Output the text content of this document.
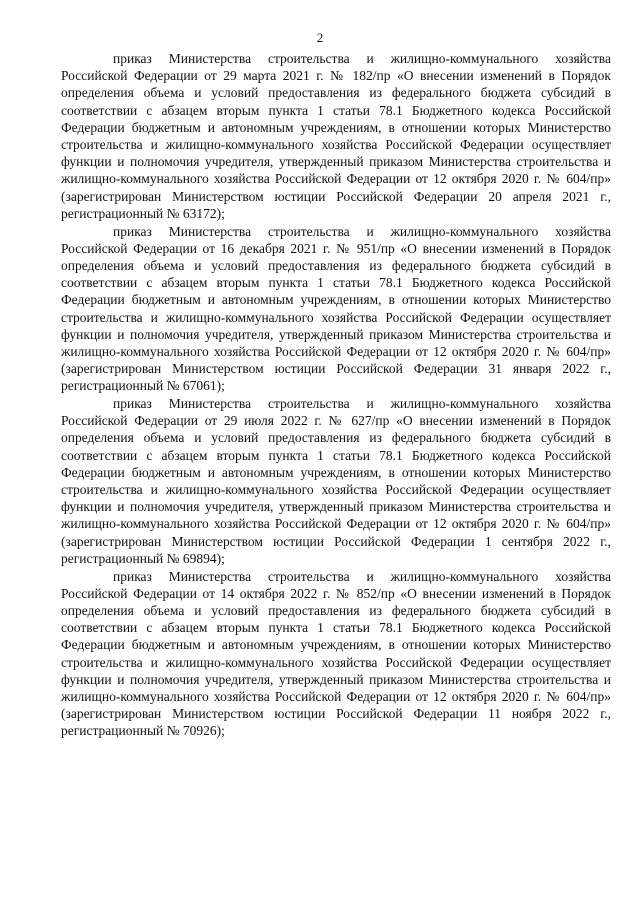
2

приказ Министерства строительства и жилищно-коммунального хозяйства Российской Федерации от 29 марта 2021 г. № 182/пр «О внесении изменений в Порядок определения объема и условий предоставления из федерального бюджета субсидий в соответствии с абзацем вторым пункта 1 статьи 78.1 Бюджетного кодекса Российской Федерации бюджетным и автономным учреждениям, в отношении которых Министерство строительства и жилищно-коммунального хозяйства Российской Федерации осуществляет функции и полномочия учредителя, утвержденный приказом Министерства строительства и жилищно-коммунального хозяйства Российской Федерации от 12 октября 2020 г. № 604/пр» (зарегистрирован Министерством юстиции Российской Федерации 20 апреля 2021 г., регистрационный № 63172);

приказ Министерства строительства и жилищно-коммунального хозяйства Российской Федерации от 16 декабря 2021 г. № 951/пр «О внесении изменений в Порядок определения объема и условий предоставления из федерального бюджета субсидий в соответствии с абзацем вторым пункта 1 статьи 78.1 Бюджетного кодекса Российской Федерации бюджетным и автономным учреждениям, в отношении которых Министерство строительства и жилищно-коммунального хозяйства Российской Федерации осуществляет функции и полномочия учредителя, утвержденный приказом Министерства строительства и жилищно-коммунального хозяйства Российской Федерации от 12 октября 2020 г. № 604/пр» (зарегистрирован Министерством юстиции Российской Федерации 31 января 2022 г., регистрационный № 67061);

приказ Министерства строительства и жилищно-коммунального хозяйства Российской Федерации от 29 июля 2022 г. № 627/пр «О внесении изменений в Порядок определения объема и условий предоставления из федерального бюджета субсидий в соответствии с абзацем вторым пункта 1 статьи 78.1 Бюджетного кодекса Российской Федерации бюджетным и автономным учреждениям, в отношении которых Министерство строительства и жилищно-коммунального хозяйства Российской Федерации осуществляет функции и полномочия учредителя, утвержденный приказом Министерства строительства и жилищно-коммунального хозяйства Российской Федерации от 12 октября 2020 г. № 604/пр» (зарегистрирован Министерством юстиции Российской Федерации 1 сентября 2022 г., регистрационный № 69894);

приказ Министерства строительства и жилищно-коммунального хозяйства Российской Федерации от 14 октября 2022 г. № 852/пр «О внесении изменений в Порядок определения объема и условий предоставления из федерального бюджета субсидий в соответствии с абзацем вторым пункта 1 статьи 78.1 Бюджетного кодекса Российской Федерации бюджетным и автономным учреждениям, в отношении которых Министерство строительства и жилищно-коммунального хозяйства Российской Федерации осуществляет функции и полномочия учредителя, утвержденный приказом Министерства строительства и жилищно-коммунального хозяйства Российской Федерации от 12 октября 2020 г. № 604/пр» (зарегистрирован Министерством юстиции Российской Федерации 11 ноября 2022 г., регистрационный № 70926);
